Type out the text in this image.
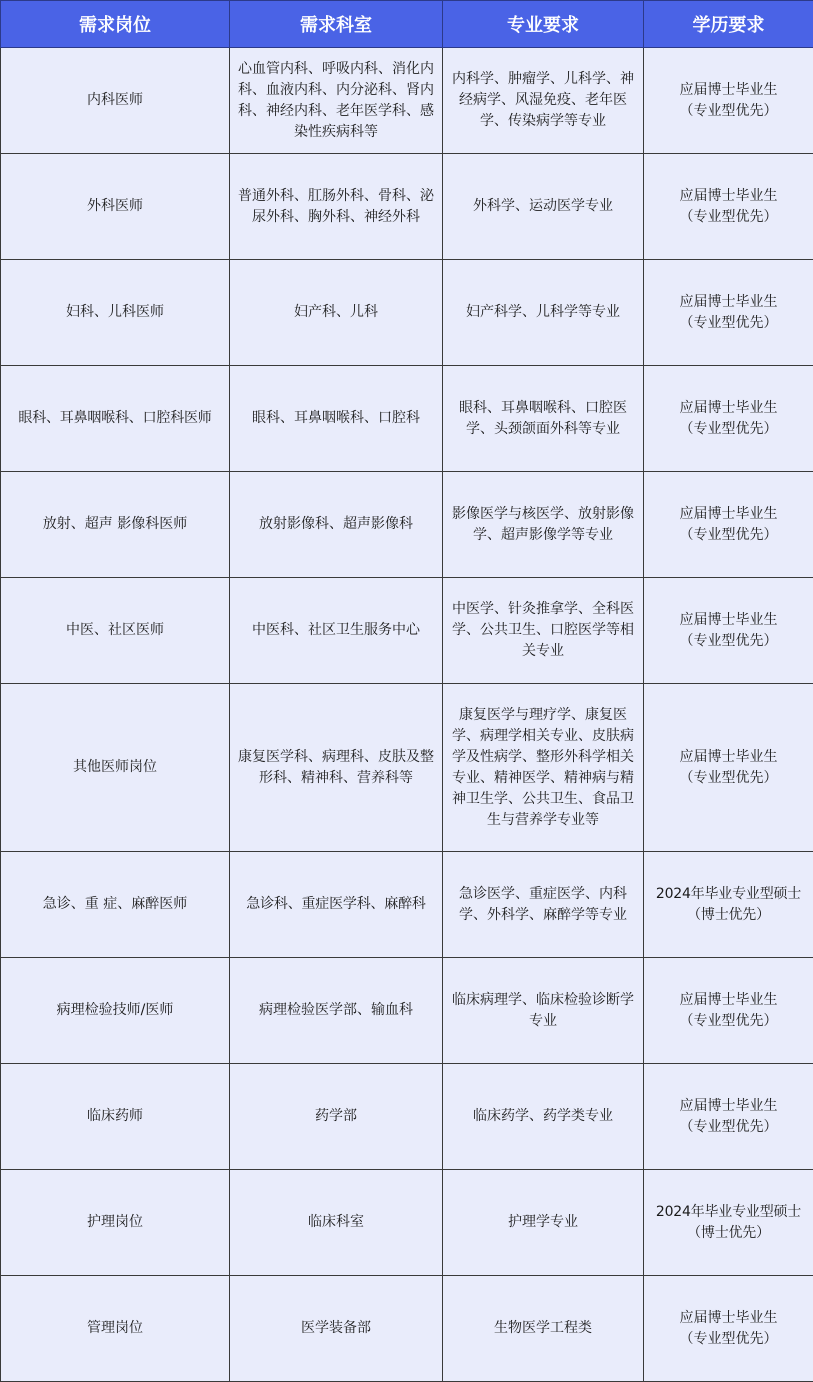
需求岗位	需求科室	专业要求	学历要求
内科医师	心血管内科、呼吸内科、消化内科、血液内科、内分泌科、肾内科、神经内科、老年医学科、感染性疾病科等	内科学、肿瘤学、儿科学、神经病学、风湿免疫、老年医学、传染病学等专业	应届博士毕业生
（专业型优先）

外科医师	普通外科、肛肠外科、骨科、泌尿外科、胸外科、神经外科	外科学、运动医学专业	应届博士毕业生
（专业型优先）

妇科、儿科医师	妇产科、儿科	妇产科学、儿科学等专业	应届博士毕业生
（专业型优先）

眼科、耳鼻咽喉科、口腔科医师	眼科、耳鼻咽喉科、口腔科	眼科、耳鼻咽喉科、口腔医学、头颈颌面外科等专业	应届博士毕业生
（专业型优先）

放射、超声 影像科医师	放射影像科、超声影像科	影像医学与核医学、放射影像学、超声影像学等专业	应届博士毕业生
（专业型优先）

中医、社区医师	中医科、社区卫生服务中心	中医学、针灸推拿学、全科医学、公共卫生、口腔医学等相关专业	应届博士毕业生
（专业型优先）

其他医师岗位	康复医学科、病理科、皮肤及整形科、精神科、营养科等	康复医学与理疗学、康复医学、病理学相关专业、皮肤病学及性病学、整形外科学相关专业、精神医学、精神病与精神卫生学、公共卫生、食品卫生与营养学专业等	应届博士毕业生
（专业型优先）

急诊、重 症、麻醉医师	急诊科、重症医学科、麻醉科	急诊医学、重症医学、内科学、外科学、麻醉学等专业	2024年毕业专业型硕士
（博士优先）

病理检验技师/医师	病理检验医学部、输血科	临床病理学、临床检验诊断学专业	应届博士毕业生
（专业型优先）

临床药师	药学部	临床药学、药学类专业	应届博士毕业生
（专业型优先）

护理岗位	临床科室	护理学专业	2024年毕业专业型硕士
（博士优先）

管理岗位	医学装备部	生物医学工程类	应届博士毕业生
（专业型优先）
